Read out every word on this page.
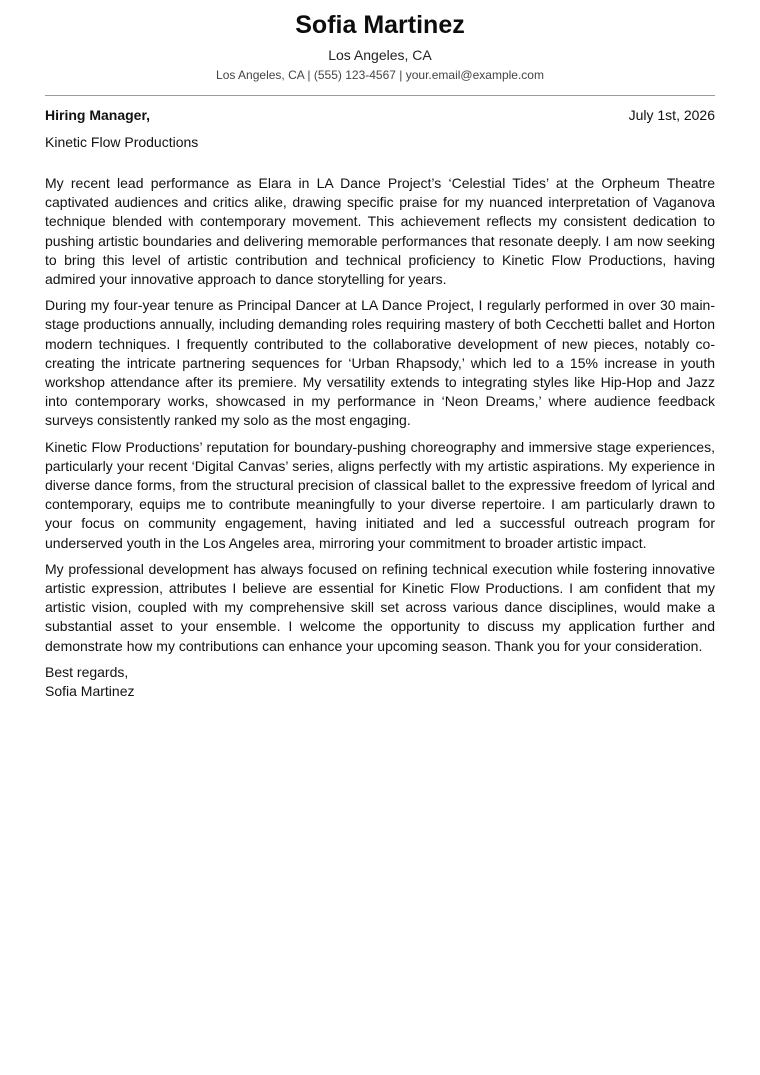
Sofia Martinez
Los Angeles, CA
Los Angeles, CA | (555) 123-4567 | your.email@example.com
Hiring Manager,	July 1st, 2026
Kinetic Flow Productions

My recent lead performance as Elara in LA Dance Project’s ‘Celestial Tides’ at the Orpheum Theatre captivated audiences and critics alike, drawing specific praise for my nuanced interpretation of Vaganova technique blended with contemporary movement. This achievement reflects my consistent dedication to pushing artistic boundaries and delivering memorable performances that resonate deeply. I am now seeking to bring this level of artistic contribution and technical proficiency to Kinetic Flow Productions, having admired your innovative approach to dance storytelling for years.

During my four-year tenure as Principal Dancer at LA Dance Project, I regularly performed in over 30 main-stage productions annually, including demanding roles requiring mastery of both Cecchetti ballet and Horton modern techniques. I frequently contributed to the collaborative development of new pieces, notably co-creating the intricate partnering sequences for ‘Urban Rhapsody,’ which led to a 15% increase in youth workshop attendance after its premiere. My versatility extends to integrating styles like Hip-Hop and Jazz into contemporary works, showcased in my performance in ‘Neon Dreams,’ where audience feedback surveys consistently ranked my solo as the most engaging.

Kinetic Flow Productions’ reputation for boundary-pushing choreography and immersive stage experiences, particularly your recent ‘Digital Canvas’ series, aligns perfectly with my artistic aspirations. My experience in diverse dance forms, from the structural precision of classical ballet to the expressive freedom of lyrical and contemporary, equips me to contribute meaningfully to your diverse repertoire. I am particularly drawn to your focus on community engagement, having initiated and led a successful outreach program for underserved youth in the Los Angeles area, mirroring your commitment to broader artistic impact.

My professional development has always focused on refining technical execution while fostering innovative artistic expression, attributes I believe are essential for Kinetic Flow Productions. I am confident that my artistic vision, coupled with my comprehensive skill set across various dance disciplines, would make a substantial asset to your ensemble. I welcome the opportunity to discuss my application further and demonstrate how my contributions can enhance your upcoming season. Thank you for your consideration.

Best regards,
Sofia Martinez
